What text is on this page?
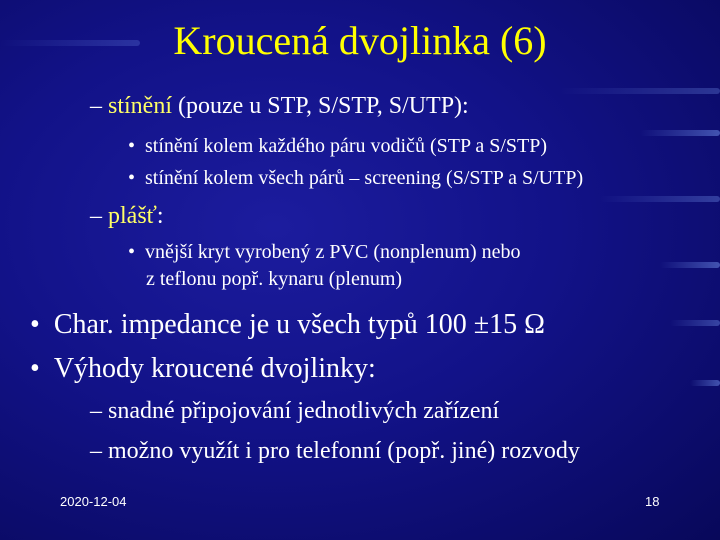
Kroucená dvojlinka (6)
– stínění (pouze u STP, S/STP, S/UTP):
• stínění kolem každého páru vodičů (STP a S/STP)
• stínění kolem všech párů – screening (S/STP a S/UTP)
– plášť:
• vnější kryt vyrobený z PVC (nonplenum) nebo
z teflonu popř. kynaru (plenum)
• Char. impedance je u všech typů 100 ±15 Ω
• Výhody kroucené dvojlinky:
– snadné připojování jednotlivých zařízení
– možno využít i pro telefonní (popř. jiné) rozvody
2020-12-04	18
